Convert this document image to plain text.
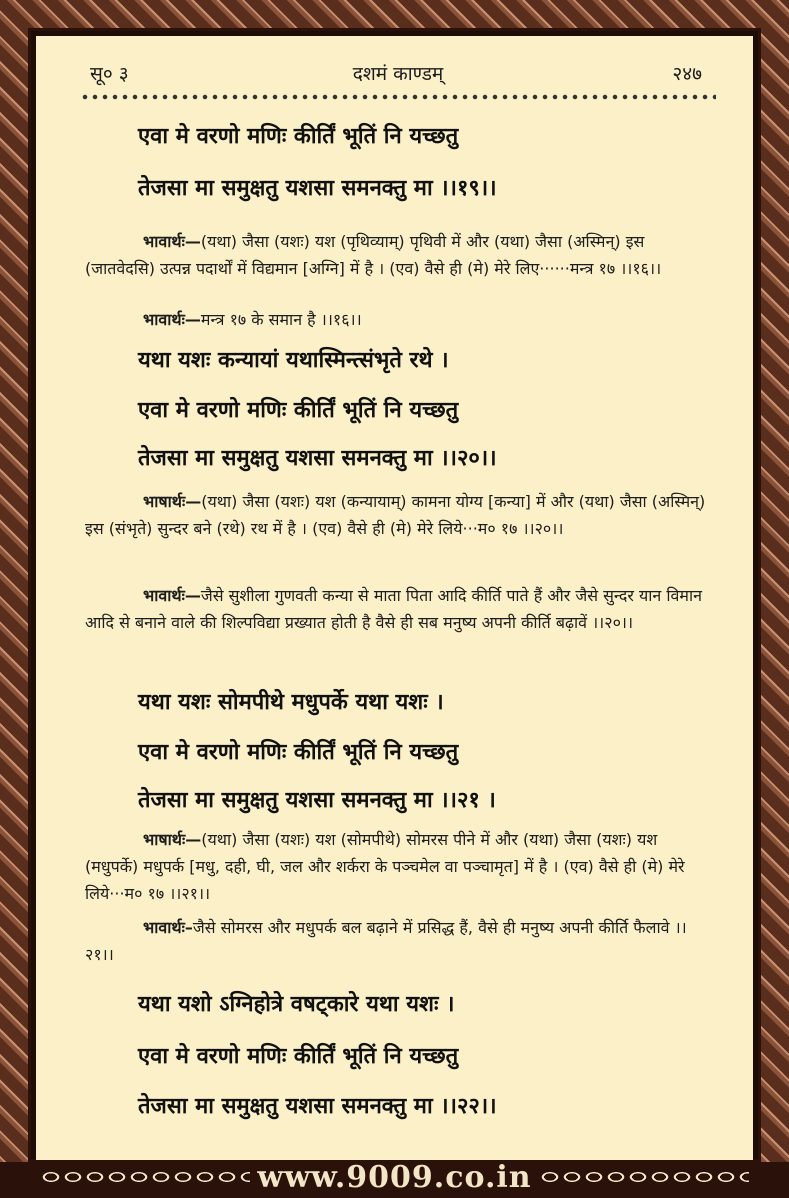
सू० ३	दशमं काण्डम्	२४७
एवा मे वरणो मणिः कीर्तिं भूतिं नि यच्छतु
तेजसा मा समुक्षतु यशसा समनक्तु मा ।।१९।।
भावार्थः—(यथा) जैसा (यशः) यश (पृथिव्याम्) पृथिवी में और (यथा) जैसा (अस्मिन्) इस (जातवेदसि) उत्पन्न पदार्थों में विद्यमान [अग्नि] में है । (एव) वैसे ही (मे) मेरे लिए······मन्त्र १७ ।।१६।।
भावार्थः—मन्त्र १७ के समान है ।।१६।।
यथा यशः कन्यायां यथास्मिन्त्संभृते रथे ।
एवा मे वरणो मणिः कीर्तिं भूतिं नि यच्छतु
तेजसा मा समुक्षतु यशसा समनक्तु मा ।।२०।।
भाषार्थः—(यथा) जैसा (यशः) यश (कन्यायाम्) कामना योग्य [कन्या] में और (यथा) जैसा (अस्मिन्) इस (संभृते) सुन्दर बने (रथे) रथ में है । (एव) वैसे ही (मे) मेरे लिये···म० १७ ।।२०।।
भावार्थः—जैसे सुशीला गुणवती कन्या से माता पिता आदि कीर्ति पाते हैं और जैसे सुन्दर यान विमान आदि से बनाने वाले की शिल्पविद्या प्रख्यात होती है वैसे ही सब मनुष्य अपनी कीर्ति बढ़ावें ।।२०।।
यथा यशः सोमपीथे मधुपर्के यथा यशः ।
एवा मे वरणो मणिः कीर्तिं भूतिं नि यच्छतु
तेजसा मा समुक्षतु यशसा समनक्तु मा ।।२१ ।
भाषार्थः—(यथा) जैसा (यशः) यश (सोमपीथे) सोमरस पीने में और (यथा) जैसा (यशः) यश (मधुपर्के) मधुपर्क [मधु, दही, घी, जल और शर्करा के पञ्चमेल वा पञ्चामृत] में है । (एव) वैसे ही (मे) मेरे लिये···म० १७ ।।२१।।
भावार्थः–जैसे सोमरस और मधुपर्क बल बढ़ाने में प्रसिद्ध हैं, वैसे ही मनुष्य अपनी कीर्ति फैलावे ।।२१।।
यथा यशो ऽग्निहोत्रे वषट्कारे यथा यशः ।
एवा मे वरणो मणिः कीर्तिं भूतिं नि यच्छतु
तेजसा मा समुक्षतु यशसा समनक्तु मा ।।२२।।
www.9009.co.in
